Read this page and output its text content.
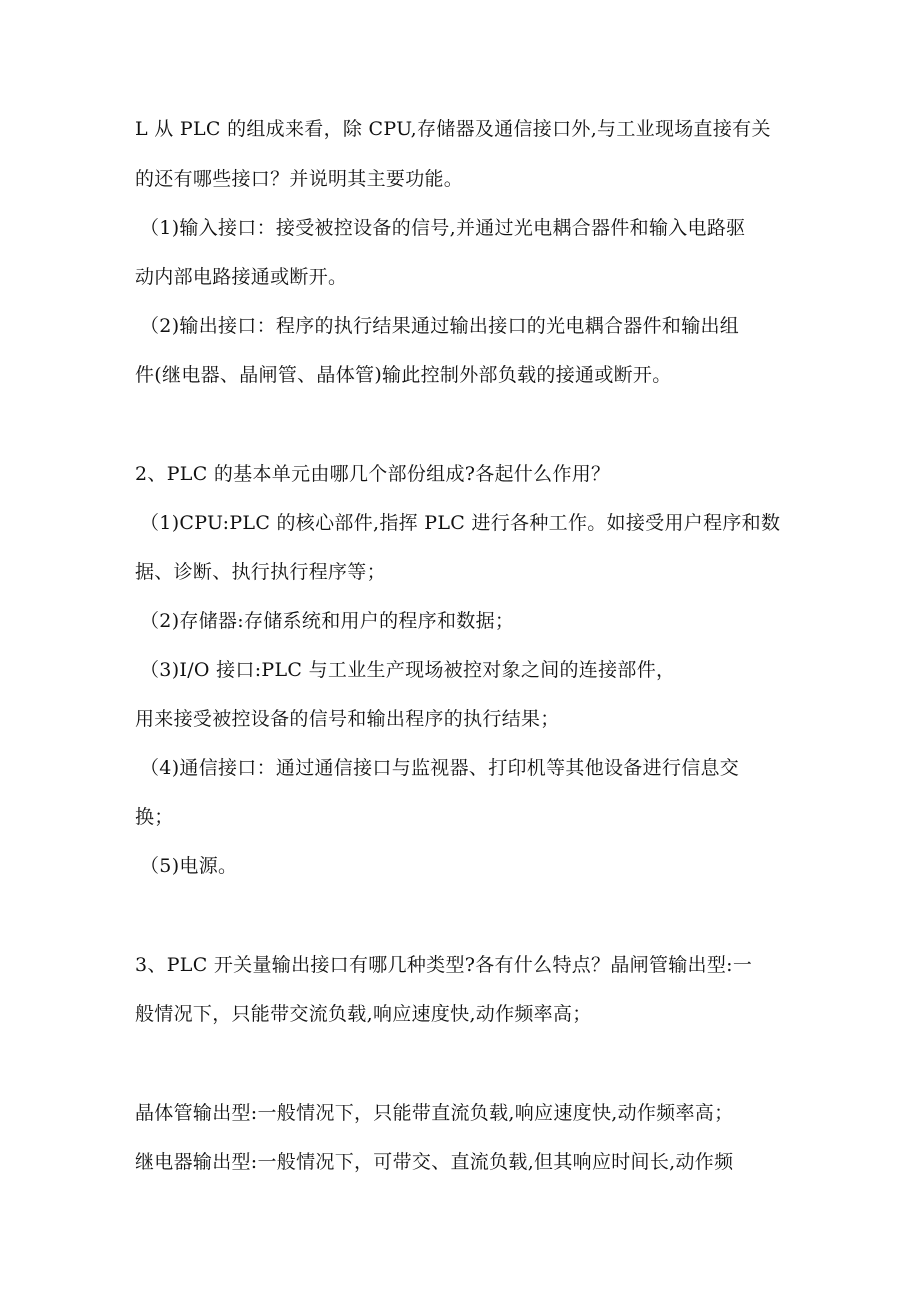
L 从 PLC 的组成来看，除 CPU,存储器及通信接口外,与工业现场直接有关
的还有哪些接口？并说明其主要功能。
（1)输入接口：接受被控设备的信号,并通过光电耦合器件和输入电路驱
动内部电路接通或断开。
（2)输出接口：程序的执行结果通过输出接口的光电耦合器件和输出组
件(继电器、晶闸管、晶体管)输此控制外部负载的接通或断开。
2、PLC 的基本单元由哪几个部份组成?各起什么作用？
（1)CPU:PLC 的核心部件,指挥 PLC 进行各种工作。如接受用户程序和数
据、诊断、执行执行程序等；
（2)存储器:存储系统和用户的程序和数据；
（3)I/O 接口:PLC 与工业生产现场被控对象之间的连接部件，
用来接受被控设备的信号和输出程序的执行结果；
（4)通信接口：通过通信接口与监视器、打印机等其他设备进行信息交
换；
（5)电源。
3、PLC 开关量输出接口有哪几种类型?各有什么特点？晶闸管输出型:一
般情况下，只能带交流负载,响应速度快,动作频率高；
晶体管输出型:一般情况下，只能带直流负载,响应速度快,动作频率高；
继电器输出型:一般情况下，可带交、直流负载,但其响应时间长,动作频
